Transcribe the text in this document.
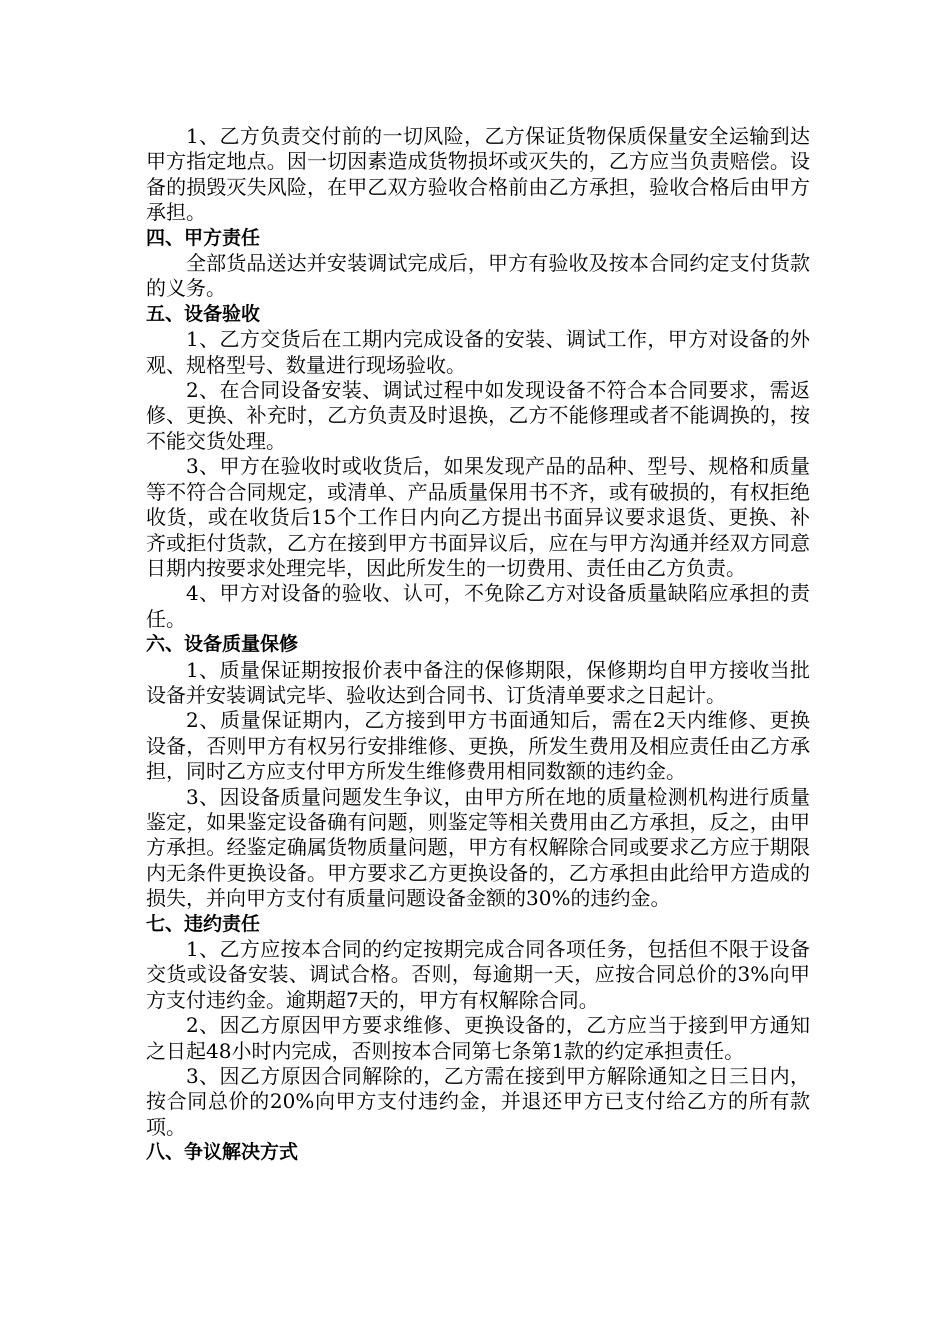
1、乙方负责交付前的一切风险，乙方保证货物保质保量安全运输到达甲方指定地点。因一切因素造成货物损坏或灭失的，乙方应当负责赔偿。设备的损毁灭失风险，在甲乙双方验收合格前由乙方承担，验收合格后由甲方承担。

四、甲方责任

全部货品送达并安装调试完成后，甲方有验收及按本合同约定支付货款的义务。

五、设备验收

1、乙方交货后在工期内完成设备的安装、调试工作，甲方对设备的外观、规格型号、数量进行现场验收。

2、在合同设备安装、调试过程中如发现设备不符合本合同要求，需返修、更换、补充时，乙方负责及时退换，乙方不能修理或者不能调换的，按不能交货处理。

3、甲方在验收时或收货后，如果发现产品的品种、型号、规格和质量等不符合合同规定，或清单、产品质量保用书不齐，或有破损的，有权拒绝收货，或在收货后15个工作日内向乙方提出书面异议要求退货、更换、补齐或拒付货款，乙方在接到甲方书面异议后，应在与甲方沟通并经双方同意日期内按要求处理完毕，因此所发生的一切费用、责任由乙方负责。

4、甲方对设备的验收、认可，不免除乙方对设备质量缺陷应承担的责任。

六、设备质量保修

1、质量保证期按报价表中备注的保修期限，保修期均自甲方接收当批设备并安装调试完毕、验收达到合同书、订货清单要求之日起计。

2、质量保证期内，乙方接到甲方书面通知后，需在2天内维修、更换设备，否则甲方有权另行安排维修、更换，所发生费用及相应责任由乙方承担，同时乙方应支付甲方所发生维修费用相同数额的违约金。

3、因设备质量问题发生争议，由甲方所在地的质量检测机构进行质量鉴定，如果鉴定设备确有问题，则鉴定等相关费用由乙方承担，反之，由甲方承担。经鉴定确属货物质量问题，甲方有权解除合同或要求乙方应于期限内无条件更换设备。甲方要求乙方更换设备的，乙方承担由此给甲方造成的损失，并向甲方支付有质量问题设备金额的30%的违约金。

七、违约责任

1、乙方应按本合同的约定按期完成合同各项任务，包括但不限于设备交货或设备安装、调试合格。否则，每逾期一天，应按合同总价的3%向甲方支付违约金。逾期超7天的，甲方有权解除合同。

2、因乙方原因甲方要求维修、更换设备的，乙方应当于接到甲方通知之日起48小时内完成，否则按本合同第七条第1款的约定承担责任。

3、因乙方原因合同解除的，乙方需在接到甲方解除通知之日三日内，按合同总价的20%向甲方支付违约金，并退还甲方已支付给乙方的所有款项。

八、争议解决方式
